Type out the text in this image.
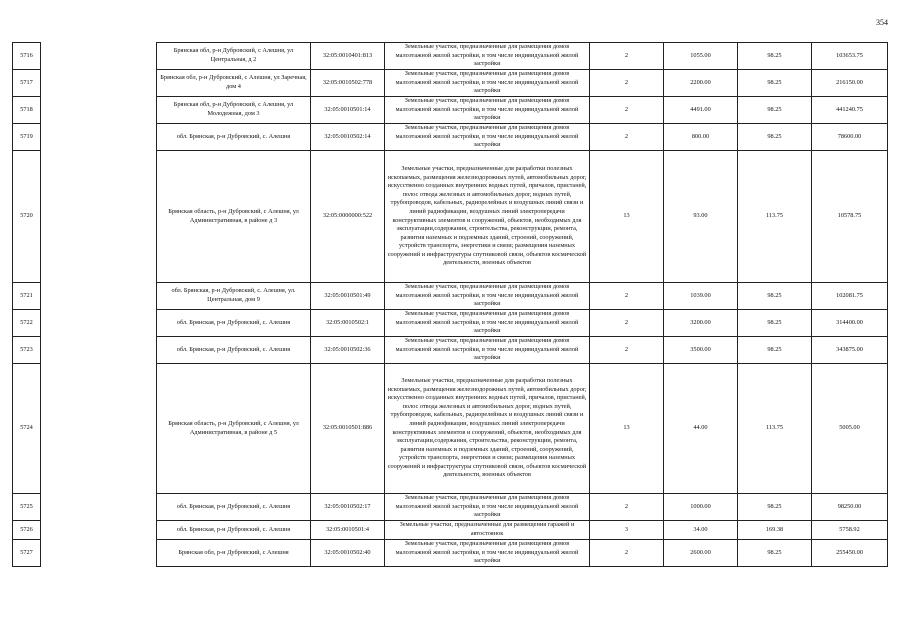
354
5716		Брянская обл, р-н Дубровский, с Алешня, ул Центральная, д 2	32:05:0010401:813	Земельные участки, предназначенные для размещения домов малоэтажной жилой застройки, в том числе индивидуальной жилой застройки	2	1055.00	98.25	103653.75
5717		Брянская обл, р-н Дубровский, с Алешня, ул Заречная, дом 4	32:05:0010502:778	Земельные участки, предназначенные для размещения домов малоэтажной жилой застройки, в том числе индивидуальной жилой застройки	2	2200.00	98.25	216150.00
5718		Брянская обл, р-н Дубровский, с Алешня, ул Молодежная, дом 3	32:05:0010501:14	Земельные участки, предназначенные для размещения домов малоэтажной жилой застройки, в том числе индивидуальной жилой застройки	2	4491.00	98.25	441240.75
5719		обл. Брянская, р-н Дубровский, с. Алешня	32:05:0010502:14	Земельные участки, предназначенные для размещения домов малоэтажной жилой застройки, в том числе индивидуальной жилой застройки	2	800.00	98.25	78600.00
5720		Брянская область, р-н Дубровский, с Алешня, ул Административная, в районе д 3	32:05:0000000:522	Земельные участки, предназначенные для разработки полезных ископаемых, размещения железнодорожных путей, автомобильных дорог, искусственно созданных внутренних водных путей, причалов, пристаней, полос отвода железных и автомобильных дорог, водных путей, трубопроводов, кабельных, радиорелейных и воздушных линий связи и линий радиофикации, воздушных линий электропередачи конструктивных элементов и сооружений, объектов, необходимых для эксплуатации,содержания, строительства, реконструкции, ремонта, развития наземных и подземных зданий, строений, сооружений, устройств транспорта, энергетики и связи; размещения наземных сооружений и инфраструктуры спутниковой связи, объектов космической деятельности, военных объектов	13	93.00	113.75	10578.75
5721		обл. Брянская, р-н Дубровский, с. Алешня, ул. Центральная, дом 9	32:05:0010501:49	Земельные участки, предназначенные для размещения домов малоэтажной жилой застройки, в том числе индивидуальной жилой застройки	2	1039.00	98.25	102081.75
5722		обл. Брянская, р-н Дубровский, с. Алешня	32:05:0010502:1	Земельные участки, предназначенные для размещения домов малоэтажной жилой застройки, в том числе индивидуальной жилой застройки	2	3200.00	98.25	314400.00
5723		обл. Брянская, р-н Дубровский, с. Алешня	32:05:0010502:36	Земельные участки, предназначенные для размещения домов малоэтажной жилой застройки, в том числе индивидуальной жилой застройки	2	3500.00	98.25	343875.00
5724		Брянская область, р-н Дубровский, с Алешня, ул Административная, в районе д 5	32:05:0010501:886	Земельные участки, предназначенные для разработки полезных ископаемых, размещения железнодорожных путей, автомобильных дорог, искусственно созданных внутренних водных путей, причалов, пристаней, полос отвода железных и автомобильных дорог, водных путей, трубопроводов, кабельных, радиорелейных и воздушных линий связи и линий радиофикации, воздушных линий электропередачи конструктивных элементов и сооружений, объектов, необходимых для эксплуатации,содержания, строительства, реконструкции, ремонта, развития наземных и подземных зданий, строений, сооружений, устройств транспорта, энергетики и связи; размещения наземных сооружений и инфраструктуры спутниковой связи, объектов космической деятельности, военных объектов	13	44.00	113.75	5005.00
5725		обл. Брянская, р-н Дубровский, с. Алешня	32:05:0010502:17	Земельные участки, предназначенные для размещения домов малоэтажной жилой застройки, в том числе индивидуальной жилой застройки	2	1000.00	98.25	98250.00
5726		обл. Брянская, р-н Дубровский, с. Алешня	32:05:0010501:4	Земельные участки, предназначенные для размещения гаражей и автостоянок	3	34.00	169.38	5758.92
5727		Брянская обл, р-н Дубровский, с Алешня	32:05:0010502:40	Земельные участки, предназначенные для размещения домов малоэтажной жилой застройки, в том числе индивидуальной жилой застройки	2	2600.00	98.25	255450.00
